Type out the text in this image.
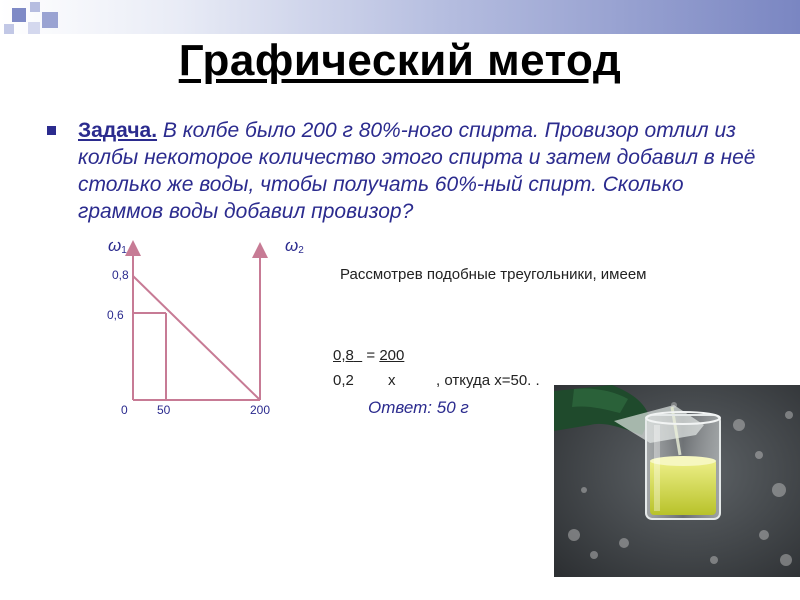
Графический метод
Задача. В колбе было 200 г 80%-ного спирта. Провизор отлил из колбы некоторое количество этого спирта и затем добавил в неё столько же воды, чтобы получать 60%-ный спирт. Сколько граммов воды добавил провизор?
$\omega_1$	$\omega_2$
0,8
0,6
0 50	200
Рассмотрев подобные треугольники, имеем
0,8   = 200
0,2 х	, откуда х=50. .
Ответ: 50 г
